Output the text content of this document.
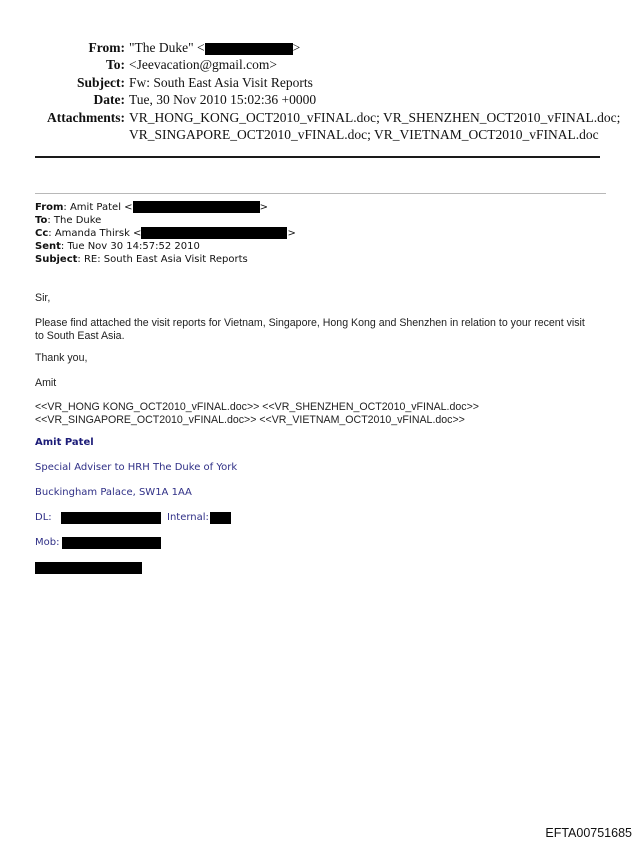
From: "The Duke" <	>
To: <Jeevacation@gmail.com>
Subject: Fw: South East Asia Visit Reports
Date: Tue, 30 Nov 2010 15:02:36 +0000
Attachments: VR_HONG_KONG_OCT2010_vFINAL.doc; VR_SHENZHEN_OCT2010_vFINAL.doc;
VR_SINGAPORE_OCT2010_vFINAL.doc; VR_VIETNAM_OCT2010_vFINAL.doc
From: Amit Patel <	>
To: The Duke
Cc: Amanda Thirsk <	>
Sent: Tue Nov 30 14:57:52 2010
Subject: RE: South East Asia Visit Reports
Sir,
Please find attached the visit reports for Vietnam, Singapore, Hong Kong and Shenzhen in relation to your recent visit to South East Asia.
Thank you,
Amit
<<VR_HONG KONG_OCT2010_vFINAL.doc>> <<VR_SHENZHEN_OCT2010_vFINAL.doc>>
<<VR_SINGAPORE_OCT2010_vFINAL.doc>> <<VR_VIETNAM_OCT2010_vFINAL.doc>>
Amit Patel
Special Adviser to HRH The Duke of York
Buckingham Palace, SW1A 1AA
DL:	Internal:
Mob:
EFTA00751685
